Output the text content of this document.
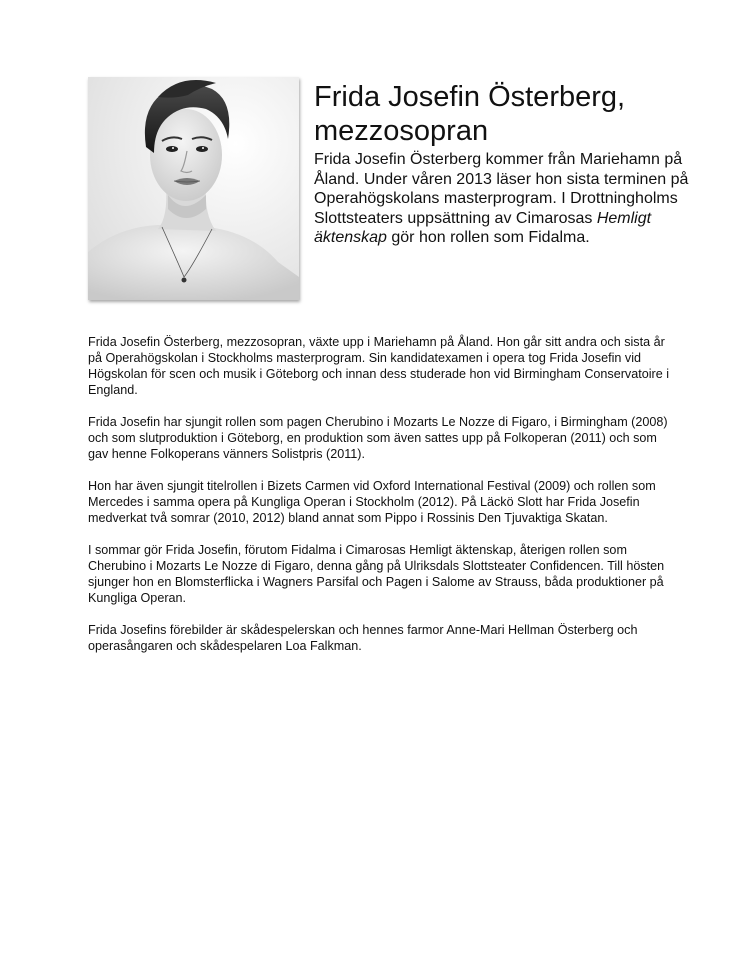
Frida Josefin Österberg,
mezzosopran

Frida Josefin Österberg kommer från Mariehamn på Åland. Under våren 2013 läser hon sista terminen på Operahögskolans masterprogram. I Drottningholms Slottsteaters uppsättning av Cimarosas Hemligt äktenskap gör hon rollen som Fidalma.

Frida Josefin Österberg, mezzosopran, växte upp i Mariehamn på Åland. Hon går sitt andra och sista år på Operahögskolan i Stockholms masterprogram. Sin kandidatexamen i opera tog Frida Josefin vid Högskolan för scen och musik i Göteborg och innan dess studerade hon vid Birmingham Conservatoire i England.

Frida Josefin har sjungit rollen som pagen Cherubino i Mozarts Le Nozze di Figaro, i Birmingham (2008) och som slutproduktion i Göteborg, en produktion som även sattes upp på Folkoperan (2011) och som gav henne Folkoperans vänners Solistpris (2011).

Hon har även sjungit titelrollen i Bizets Carmen vid Oxford International Festival (2009) och rollen som Mercedes i samma opera på Kungliga Operan i Stockholm (2012). På Läckö Slott har Frida Josefin medverkat två somrar (2010, 2012) bland annat som Pippo i Rossinis Den Tjuvaktiga Skatan.

I sommar gör Frida Josefin, förutom Fidalma i Cimarosas Hemligt äktenskap, återigen rollen som Cherubino i Mozarts Le Nozze di Figaro, denna gång på Ulriksdals Slottsteater Confidencen. Till hösten sjunger hon en Blomsterflicka i Wagners Parsifal och Pagen i Salome av Strauss, båda produktioner på Kungliga Operan.

Frida Josefins förebilder är skådespelerskan och hennes farmor Anne-Mari Hellman Österberg och operasångaren och skådespelaren Loa Falkman.
